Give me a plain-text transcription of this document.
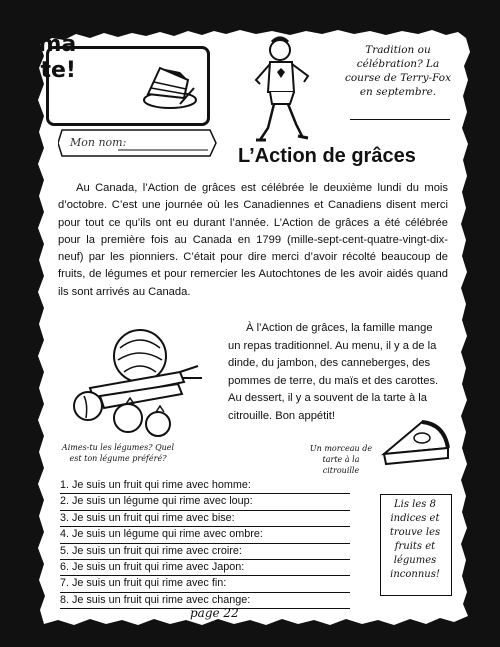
Viens à ma fête!
Tradition ou célébration? La course de Terry-Fox en septembre.
Mon nom:
L’Action de grâces
Au Canada, l’Action de grâces est célébrée le deuxième lundi du mois d’octobre. C’est une journée où les Canadiennes et Canadiens disent merci pour tout ce qu’ils ont eu durant l’année. L’Action de grâces a été célébrée pour la première fois au Canada en 1799 (mille-sept-cent-quatre-vingt-dix-neuf) par les pionniers. C’était pour dire merci d’avoir récolté beaucoup de fruits, de légumes et pour remercier les Autochtones de les avoir aidés quand ils sont arrivés au Canada.
À l’Action de grâces, la famille mange un repas traditionnel. Au menu, il y a de la dinde, du jambon, des canneberges, des pommes de terre, du maïs et des carottes. Au dessert, il y a souvent de la tarte à la citrouille. Bon appétit!
Aimes-tu les légumes? Quel est ton légume préféré?
Un morceau de tarte à la citrouille
1. Je suis un fruit qui rime avec homme:
2. Je suis un légume qui rime avec loup:
3. Je suis un fruit qui rime avec bise:
4. Je suis un légume qui rime avec ombre:
5. Je suis un fruit qui rime avec croire:
6. Je suis un fruit qui rime avec Japon:
7. Je suis un fruit qui rime avec fin:
8. Je suis un fruit qui rime avec change:
Lis les 8 indices et trouve les fruits et légumes inconnus!
page 22
